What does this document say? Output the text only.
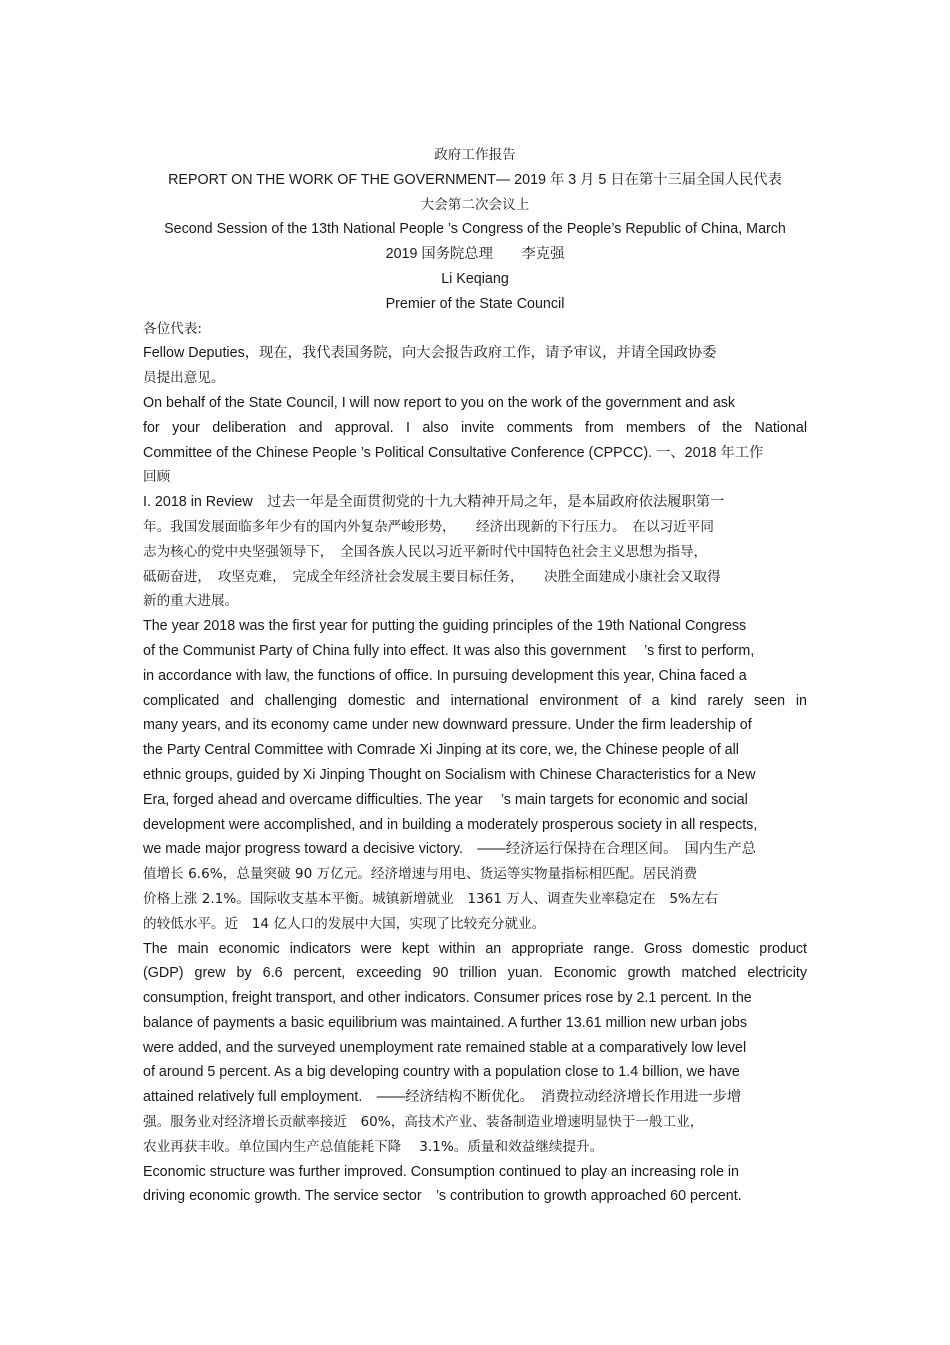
政府工作报告
REPORT ON THE WORK OF THE GOVERNMENT— 2019 年 3 月 5 日在第十三届全国人民代表
大会第二次会议上
Second Session of the 13th National People ’s Congress of the People’s Republic of China, March
2019 国务院总理　　李克强
Li Keqiang
Premier of the State Council
各位代表:
Fellow Deputies，现在，我代表国务院，向大会报告政府工作，请予审议，并请全国政协委
员提出意见。
On behalf of the State Council, I will now report to you on the work of the government and ask
for your deliberation and approval. I also invite comments from members of the National
Committee of the Chinese People ’s Political Consultative Conference (CPPCC). 一、2018 年工作
回顾
I. 2018 in Review　过去一年是全面贯彻党的十九大精神开局之年，是本届政府依法履职第一
年。我国发展面临多年少有的国内外复杂严峻形势，　　经济出现新的下行压力。　在以习近平同
志为核心的党中央坚强领导下，　全国各族人民以习近平新时代中国特色社会主义思想为指导，
砥砺奋进，　攻坚克难，　完成全年经济社会发展主要目标任务，　　决胜全面建成小康社会又取得
新的重大进展。
The year 2018 was the first year for putting the guiding principles of the 19th National Congress
of the Communist Party of China fully into effect. It was also this government　 ’s first to perform,
in accordance with law, the functions of office. In pursuing development this year, China faced a
complicated and challenging domestic and international environment of a kind rarely seen in
many years, and its economy came under new downward pressure. Under the firm leadership of
the Party Central Committee with Comrade Xi Jinping at its core, we, the Chinese people of all
ethnic groups, guided by Xi Jinping Thought on Socialism with Chinese Characteristics for a New
Era, forged ahead and overcame difficulties. The year　 ’s main targets for economic and social
development were accomplished, and in building a moderately prosperous society in all respects,
we made major progress toward a decisive victory.　——经济运行保持在合理区间。　国内生产总
值增长 6.6%，总量突破 90 万亿元。经济增速与用电、货运等实物量指标相匹配。居民消费
价格上涨 2.1%。国际收支基本平衡。城镇新增就业　1361 万人、调查失业率稳定在　5%左右
的较低水平。近　14 亿人口的发展中大国，实现了比较充分就业。
The main economic indicators were kept within an appropriate range. Gross domestic product
(GDP) grew by 6.6 percent, exceeding 90 trillion yuan. Economic growth matched electricity
consumption, freight transport, and other indicators. Consumer prices rose by 2.1 percent. In the
balance of payments a basic equilibrium was maintained. A further 13.61 million new urban jobs
were added, and the surveyed unemployment rate remained stable at a comparatively low level
of around 5 percent. As a big developing country with a population close to 1.4 billion, we have
attained relatively full employment.　——经济结构不断优化。　消费拉动经济增长作用进一步增
强。服务业对经济增长贡献率接近　60%，高技术产业、装备制造业增速明显快于一般工业，
农业再获丰收。单位国内生产总值能耗下降　 3.1%。质量和效益继续提升。
Economic structure was further improved. Consumption continued to play an increasing role in
driving economic growth. The service sector　’s contribution to growth approached 60 percent.
